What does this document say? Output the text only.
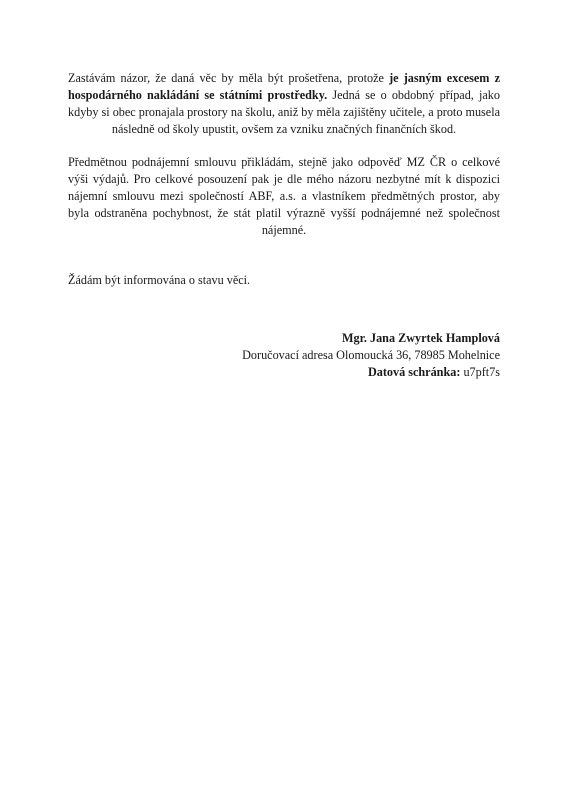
Zastávám názor, že daná věc by měla být prošetřena, protože je jasným excesem z hospodárného nakládání se státními prostředky. Jedná se o obdobný případ, jako kdyby si obec pronajala prostory na školu, aniž by měla zajištěny učitele, a proto musela následně od školy upustit, ovšem za vzniku značných finančních škod.

Předmětnou podnájemní smlouvu přikládám, stejně jako odpověď MZ ČR o celkové výši výdajů. Pro celkové posouzení pak je dle mého názoru nezbytné mít k dispozici nájemní smlouvu mezi společností ABF, a.s. a vlastníkem předmětných prostor, aby byla odstraněna pochybnost, že stát platil výrazně vyšší podnájemné než společnost nájemné.

Žádám být informována o stavu věci.

Mgr. Jana Zwyrtek Hamplová
Doručovací adresa Olomoucká 36, 78985 Mohelnice
Datová schránka: u7pft7s
